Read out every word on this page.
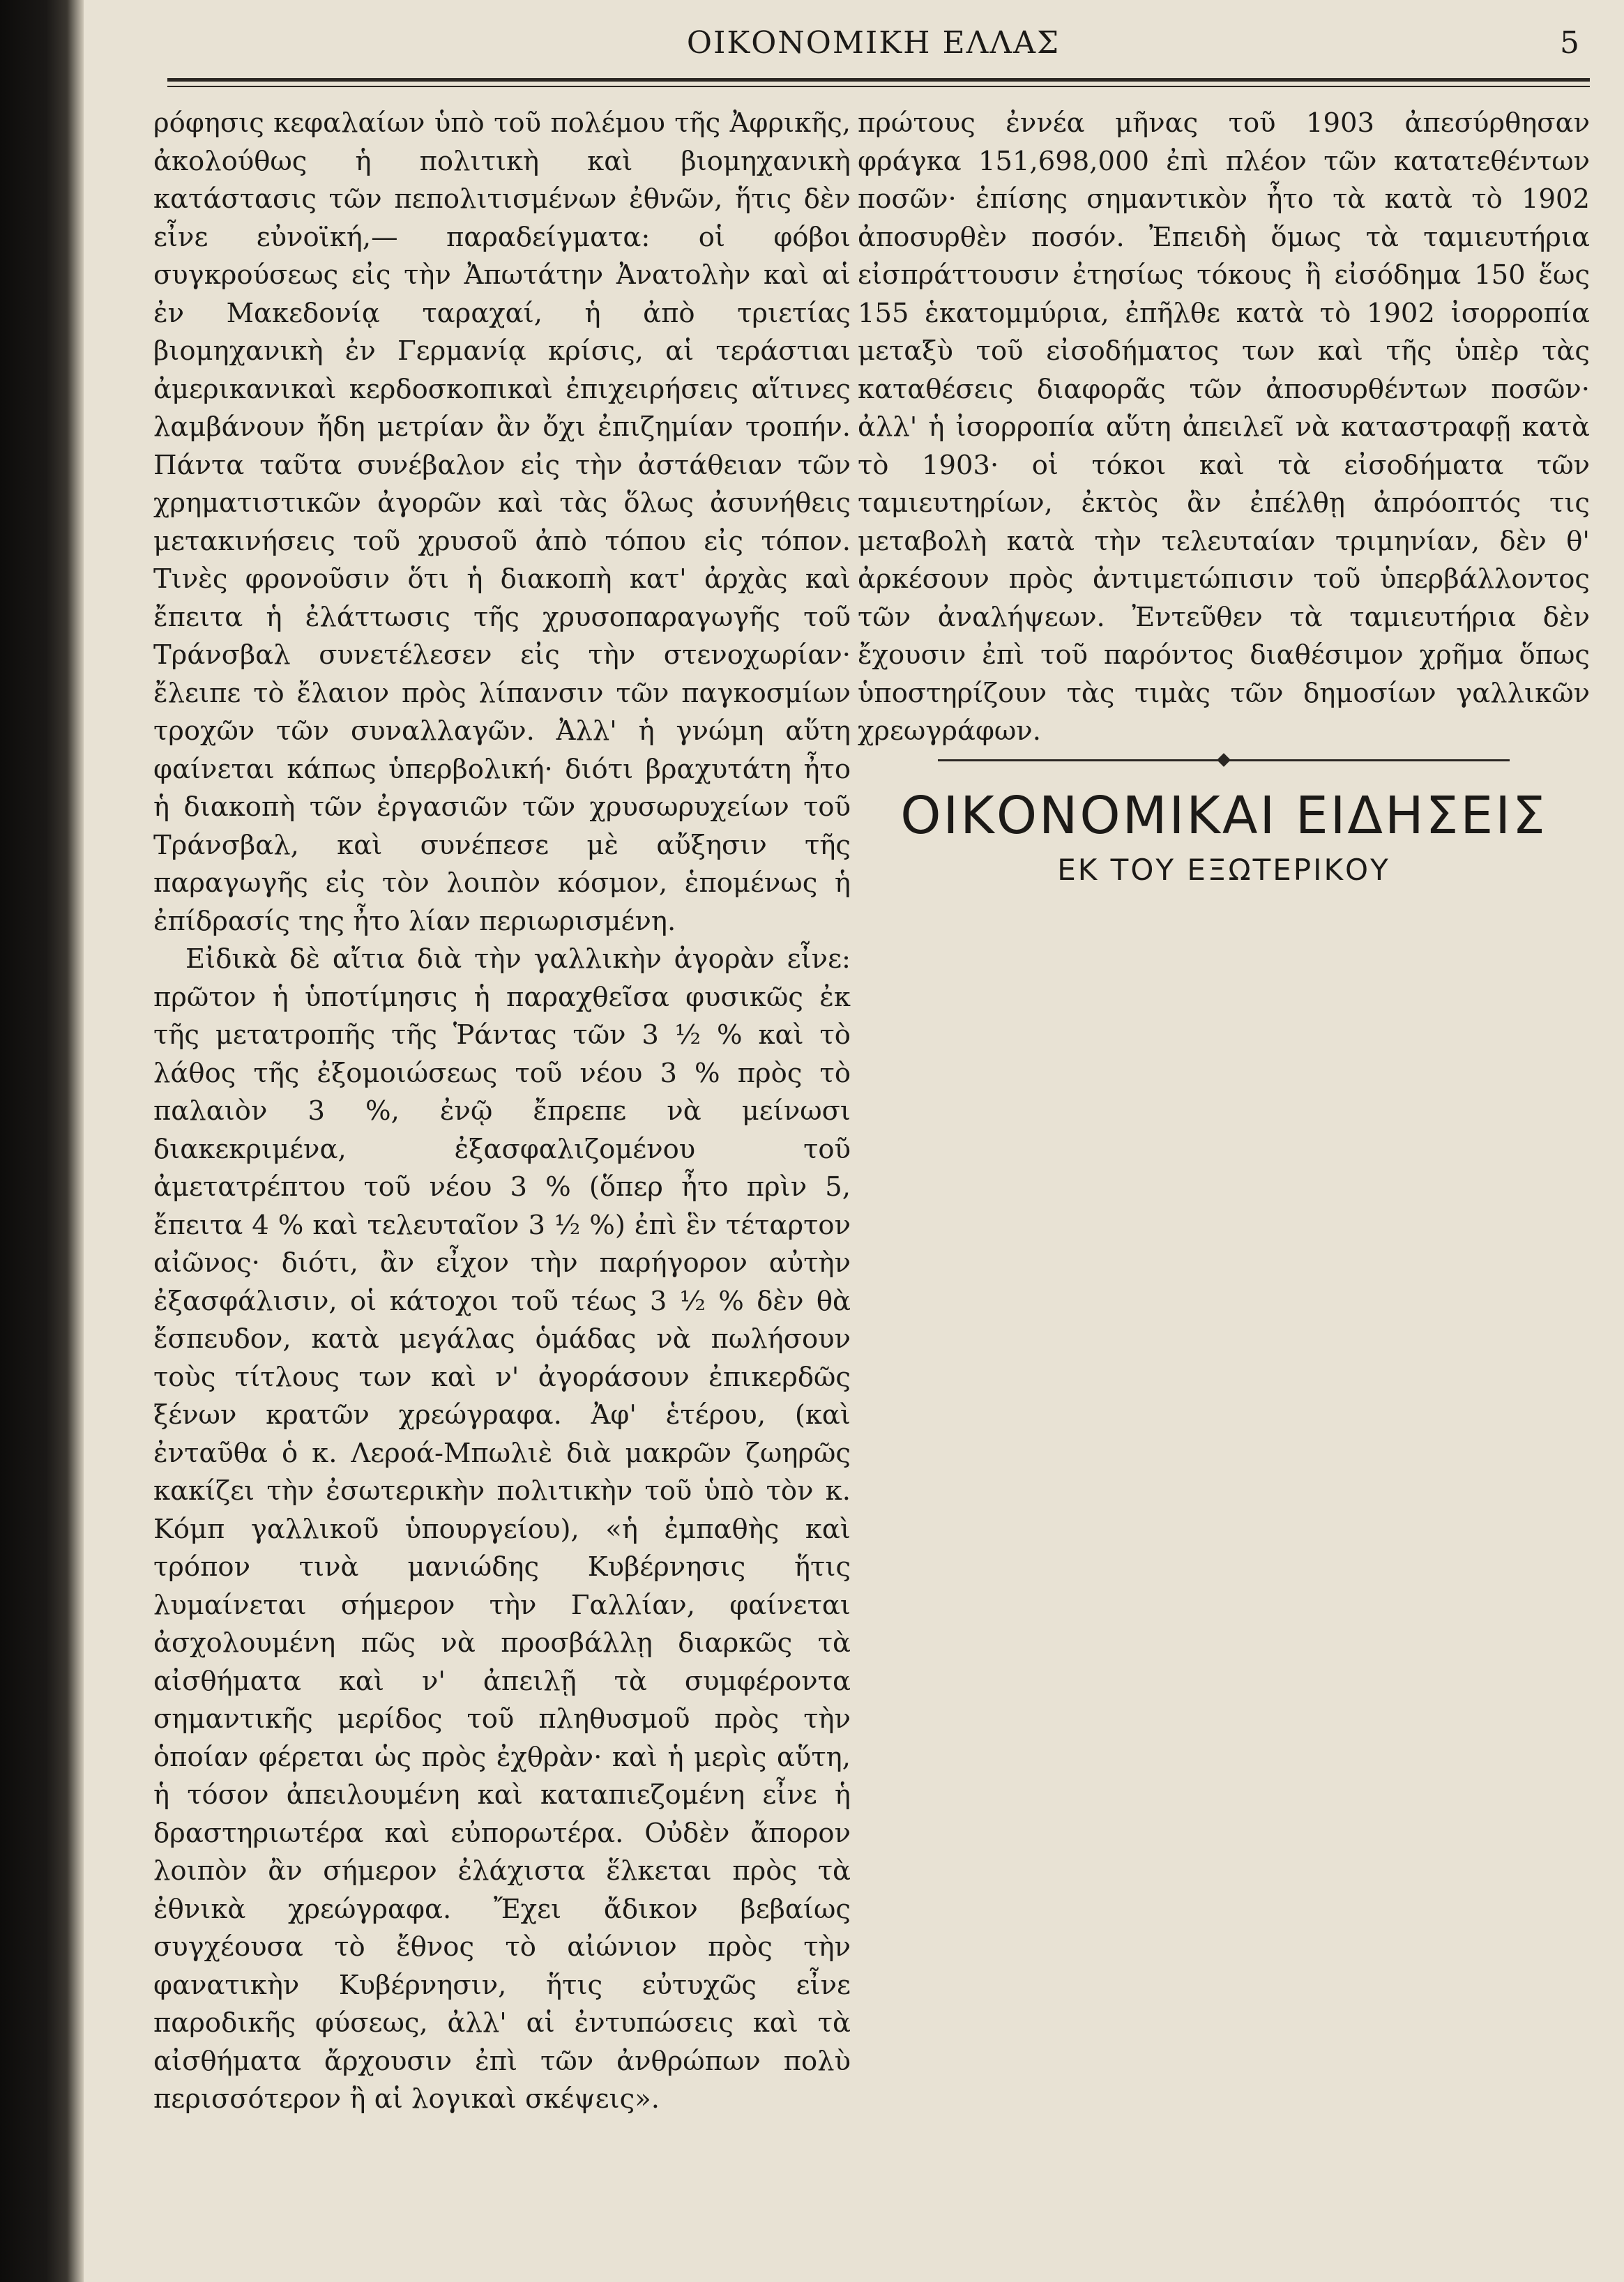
ΟΙΚΟΝΟΜΙΚΗ ΕΛΛΑΣ	5

ρόφησις κεφαλαίων ὑπὸ τοῦ πολέμου τῆς Ἀφρικῆς, ἀκολούθως ἡ πολιτικὴ καὶ βιομηχανικὴ κατάστασις τῶν πεπολιτισμένων ἐθνῶν, ἥτις δὲν εἶνε εὐνοϊκή,— παραδείγματα: οἱ φόβοι συγκρούσεως εἰς τὴν Ἀπωτάτην Ἀνατολὴν καὶ αἱ ἐν Μακεδονίᾳ ταραχαί, ἡ ἀπὸ τριετίας βιομηχανικὴ ἐν Γερμανίᾳ κρίσις, αἱ τεράστιαι ἀμερικανικαὶ κερδοσκοπικαὶ ἐπιχειρήσεις αἵτινες λαμβάνουν ἤδη μετρίαν ἂν ὄχι ἐπιζημίαν τροπήν. Πάντα ταῦτα συνέβαλον εἰς τὴν ἀστάθειαν τῶν χρηματιστικῶν ἀγορῶν καὶ τὰς ὅλως ἀσυνήθεις μετακινήσεις τοῦ χρυσοῦ ἀπὸ τόπου εἰς τόπον. Τινὲς φρονοῦσιν ὅτι ἡ διακοπὴ κατ' ἀρχὰς καὶ ἔπειτα ἡ ἐλάττωσις τῆς χρυσοπαραγωγῆς τοῦ Τράνσβαλ συνετέλεσεν εἰς τὴν στενοχωρίαν· ἔλειπε τὸ ἔλαιον πρὸς λίπανσιν τῶν παγκοσμίων τροχῶν τῶν συναλλαγῶν. Ἀλλ' ἡ γνώμη αὕτη φαίνεται κάπως ὑπερβολική· διότι βραχυτάτη ἦτο ἡ διακοπὴ τῶν ἐργασιῶν τῶν χρυσωρυχείων τοῦ Τράνσβαλ, καὶ συνέπεσε μὲ αὔξησιν τῆς παραγωγῆς εἰς τὸν λοιπὸν κόσμον, ἑπομένως ἡ ἐπίδρασίς της ἦτο λίαν περιωρισμένη.

Εἰδικὰ δὲ αἴτια διὰ τὴν γαλλικὴν ἀγορὰν εἶνε: πρῶτον ἡ ὑποτίμησις ἡ παραχθεῖσα φυσικῶς ἐκ τῆς μετατροπῆς τῆς Ῥάντας τῶν 3 ½ % καὶ τὸ λάθος τῆς ἐξομοιώσεως τοῦ νέου 3 % πρὸς τὸ παλαιὸν 3 %, ἐνῷ ἔπρεπε νὰ μείνωσι διακεκριμένα, ἐξασφαλιζομένου τοῦ ἀμετατρέπτου τοῦ νέου 3 % (ὅπερ ἦτο πρὶν 5, ἔπειτα 4 % καὶ τελευταῖον 3 ½ %) ἐπὶ ἓν τέταρτον αἰῶνος· διότι, ἂν εἶχον τὴν παρήγορον αὐτὴν ἐξασφάλισιν, οἱ κάτοχοι τοῦ τέως 3 ½ % δὲν θὰ ἔσπευδον, κατὰ μεγάλας ὁμάδας νὰ πωλήσουν τοὺς τίτλους των καὶ ν' ἀγοράσουν ἐπικερδῶς ξένων κρατῶν χρεώγραφα. Ἀφ' ἑτέρου, (καὶ ἐνταῦθα ὁ κ. Λεροά-Μπωλιὲ διὰ μακρῶν ζωηρῶς κακίζει τὴν ἐσωτερικὴν πολιτικὴν τοῦ ὑπὸ τὸν κ. Κόμπ γαλλικοῦ ὑπουργείου), «ἡ ἐμπαθὴς καὶ τρόπον τινὰ μανιώδης Κυβέρνησις ἥτις λυμαίνεται σήμερον τὴν Γαλλίαν, φαίνεται ἀσχολουμένη πῶς νὰ προσβάλλῃ διαρκῶς τὰ αἰσθήματα καὶ ν' ἀπειλῇ τὰ συμφέροντα σημαντικῆς μερίδος τοῦ πληθυσμοῦ πρὸς τὴν ὁποίαν φέρεται ὡς πρὸς ἐχθρὰν· καὶ ἡ μερὶς αὕτη, ἡ τόσον ἀπειλουμένη καὶ καταπιεζομένη εἶνε ἡ δραστηριωτέρα καὶ εὐπορωτέρα. Οὐδὲν ἄπορον λοιπὸν ἂν σήμερον ἐλάχιστα ἕλκεται πρὸς τὰ ἐθνικὰ χρεώγραφα. Ἔχει ἄδικον βεβαίως συγχέουσα τὸ ἔθνος τὸ αἰώνιον πρὸς τὴν φανατικὴν Κυβέρνησιν, ἥτις εὐτυχῶς εἶνε παροδικῆς φύσεως, ἀλλ' αἱ ἐντυπώσεις καὶ τὰ αἰσθήματα ἄρχουσιν ἐπὶ τῶν ἀνθρώπων πολὺ περισσότερον ἢ αἱ λογικαὶ σκέψεις».

πρώτους ἐννέα μῆνας τοῦ 1903 ἀπεσύρθησαν φράγκα 151,698,000 ἐπὶ πλέον τῶν κατατεθέντων ποσῶν· ἐπίσης σημαντικὸν ἦτο τὰ κατὰ τὸ 1902 ἀποσυρθὲν ποσόν. Ἐπειδὴ ὅμως τὰ ταμιευτήρια εἰσπράττουσιν ἐτησίως τόκους ἢ εἰσόδημα 150 ἕως 155 ἑκατομμύρια, ἐπῆλθε κατὰ τὸ 1902 ἰσορροπία μεταξὺ τοῦ εἰσοδήματος των καὶ τῆς ὑπὲρ τὰς καταθέσεις διαφορᾶς τῶν ἀποσυρθέντων ποσῶν· ἀλλ' ἡ ἰσορροπία αὕτη ἀπειλεῖ νὰ καταστραφῇ κατὰ τὸ 1903· οἱ τόκοι καὶ τὰ εἰσοδήματα τῶν ταμιευτηρίων, ἐκτὸς ἂν ἐπέλθῃ ἀπρόοπτός τις μεταβολὴ κατὰ τὴν τελευταίαν τριμηνίαν, δὲν θ' ἀρκέσουν πρὸς ἀντιμετώπισιν τοῦ ὑπερβάλλοντος τῶν ἀναλήψεων. Ἐντεῦθεν τὰ ταμιευτήρια δὲν ἔχουσιν ἐπὶ τοῦ παρόντος διαθέσιμον χρῆμα ὅπως ὑποστηρίζουν τὰς τιμὰς τῶν δημοσίων γαλλικῶν χρεωγράφων.

ΟΙΚΟΝΟΜΙΚΑΙ ΕΙΔΗΣΕΙΣ
ΕΚ ΤΟΥ ΕΞΩΤΕΡΙΚΟΥ
